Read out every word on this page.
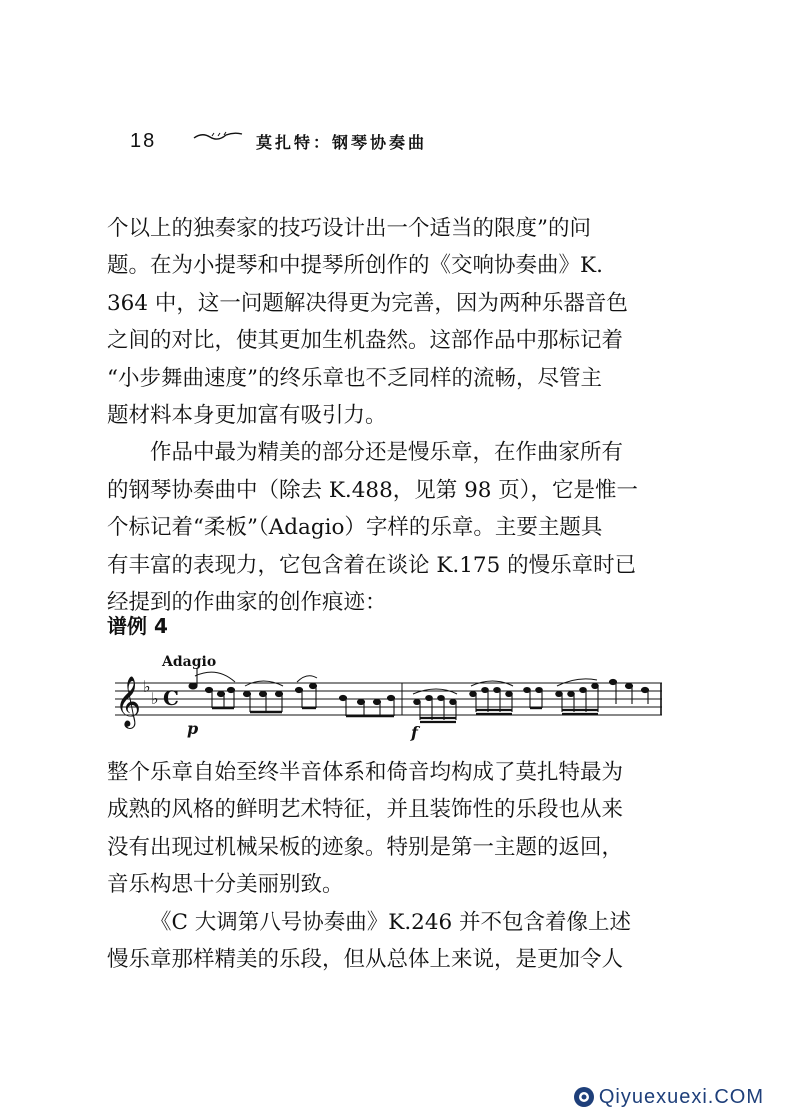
18	莫扎特：钢琴协奏曲
个以上的独奏家的技巧设计出一个适当的限度”的问
题。在为小提琴和中提琴所创作的《交响协奏曲》K.
364 中，这一问题解决得更为完善，因为两种乐器音色
之间的对比，使其更加生机盎然。这部作品中那标记着
“小步舞曲速度”的终乐章也不乏同样的流畅，尽管主
题材料本身更加富有吸引力。
作品中最为精美的部分还是慢乐章，在作曲家所有
的钢琴协奏曲中（除去 K.488，见第 98 页），它是惟一
个标记着“柔板”（Adagio）字样的乐章。主要主题具
有丰富的表现力，它包含着在谈论 K.175 的慢乐章时已
经提到的作曲家的创作痕迹：
谱例 4
Adagio
𝄞 ♭
♭ C
p	f
整个乐章自始至终半音体系和倚音均构成了莫扎特最为
成熟的风格的鲜明艺术特征，并且装饰性的乐段也从来
没有出现过机械呆板的迹象。特别是第一主题的返回，
音乐构思十分美丽别致。
《C 大调第八号协奏曲》K.246 并不包含着像上述
慢乐章那样精美的乐段，但从总体上来说，是更加令人
Qiyuexuexi.COM
